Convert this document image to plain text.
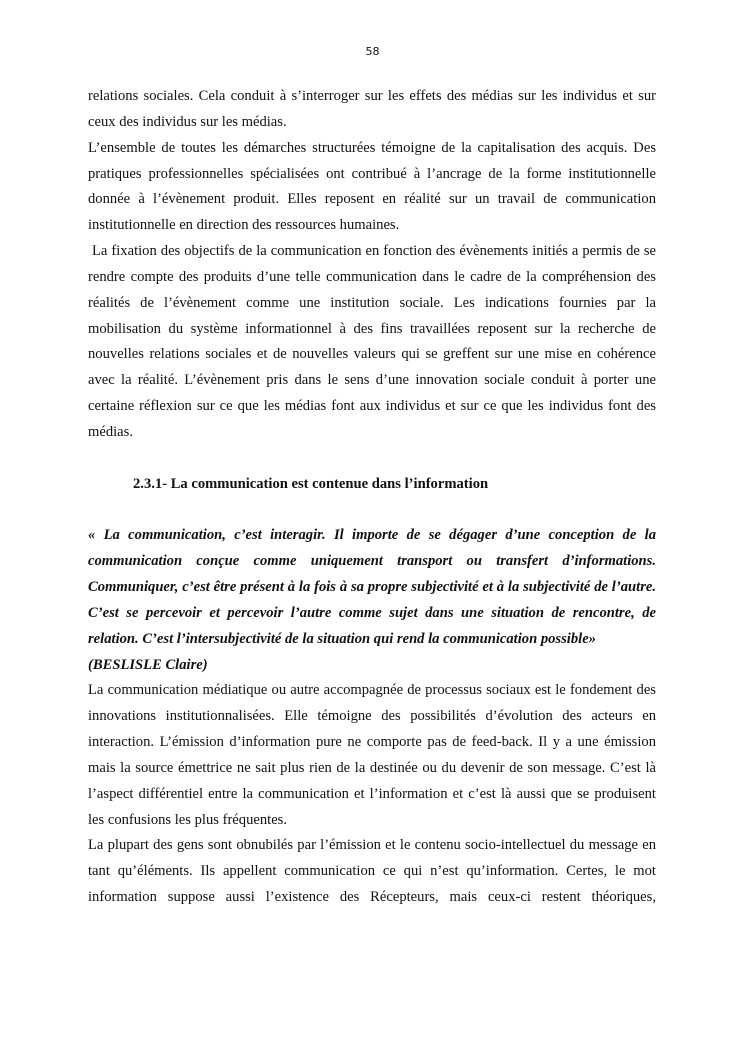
58

relations sociales. Cela conduit à s’interroger sur les effets des médias sur les individus et sur ceux des individus sur les médias.

L’ensemble de toutes les démarches structurées témoigne de la capitalisation des acquis. Des pratiques professionnelles spécialisées ont contribué à l’ancrage de la forme institutionnelle donnée à l’évènement produit. Elles reposent en réalité sur un travail de communication institutionnelle en direction des ressources humaines.

La fixation des objectifs de la communication en fonction des évènements initiés a permis de se rendre compte des produits d’une telle communication dans le cadre de la compréhension des réalités de l’évènement comme une institution sociale. Les indications fournies par la mobilisation du système informationnel à des fins travaillées reposent sur la recherche de nouvelles relations sociales et de nouvelles valeurs qui se greffent sur une mise en cohérence avec la réalité. L’évènement pris dans le sens d’une innovation sociale conduit à porter une certaine réflexion sur ce que les médias font aux individus et sur ce que les individus font des médias.

2.3.1- La communication est contenue dans l’information

« La communication, c’est interagir. Il importe de se dégager d’une conception de la communication conçue comme uniquement transport ou transfert d’informations. Communiquer, c’est être présent à la fois à sa propre subjectivité et à la subjectivité de l’autre. C’est se percevoir et percevoir l’autre comme sujet dans une situation de rencontre, de relation. C’est l’intersubjectivité de la situation qui rend la communication possible»

(BESLISLE Claire)

La communication médiatique ou autre accompagnée de processus sociaux est le fondement des innovations institutionnalisées. Elle témoigne des possibilités d’évolution des acteurs en interaction. L’émission d’information pure ne comporte pas de feed-back. Il y a une émission mais la source émettrice ne sait plus rien de la destinée ou du devenir de son message. C’est là l’aspect différentiel entre la communication et l’information et c’est là aussi que se produisent les confusions les plus fréquentes.

La plupart des gens sont obnubilés par l’émission et le contenu socio-intellectuel du message en tant qu’éléments. Ils appellent communication ce qui n’est qu’information. Certes, le mot information suppose aussi l’existence des Récepteurs, mais ceux-ci restent théoriques,
